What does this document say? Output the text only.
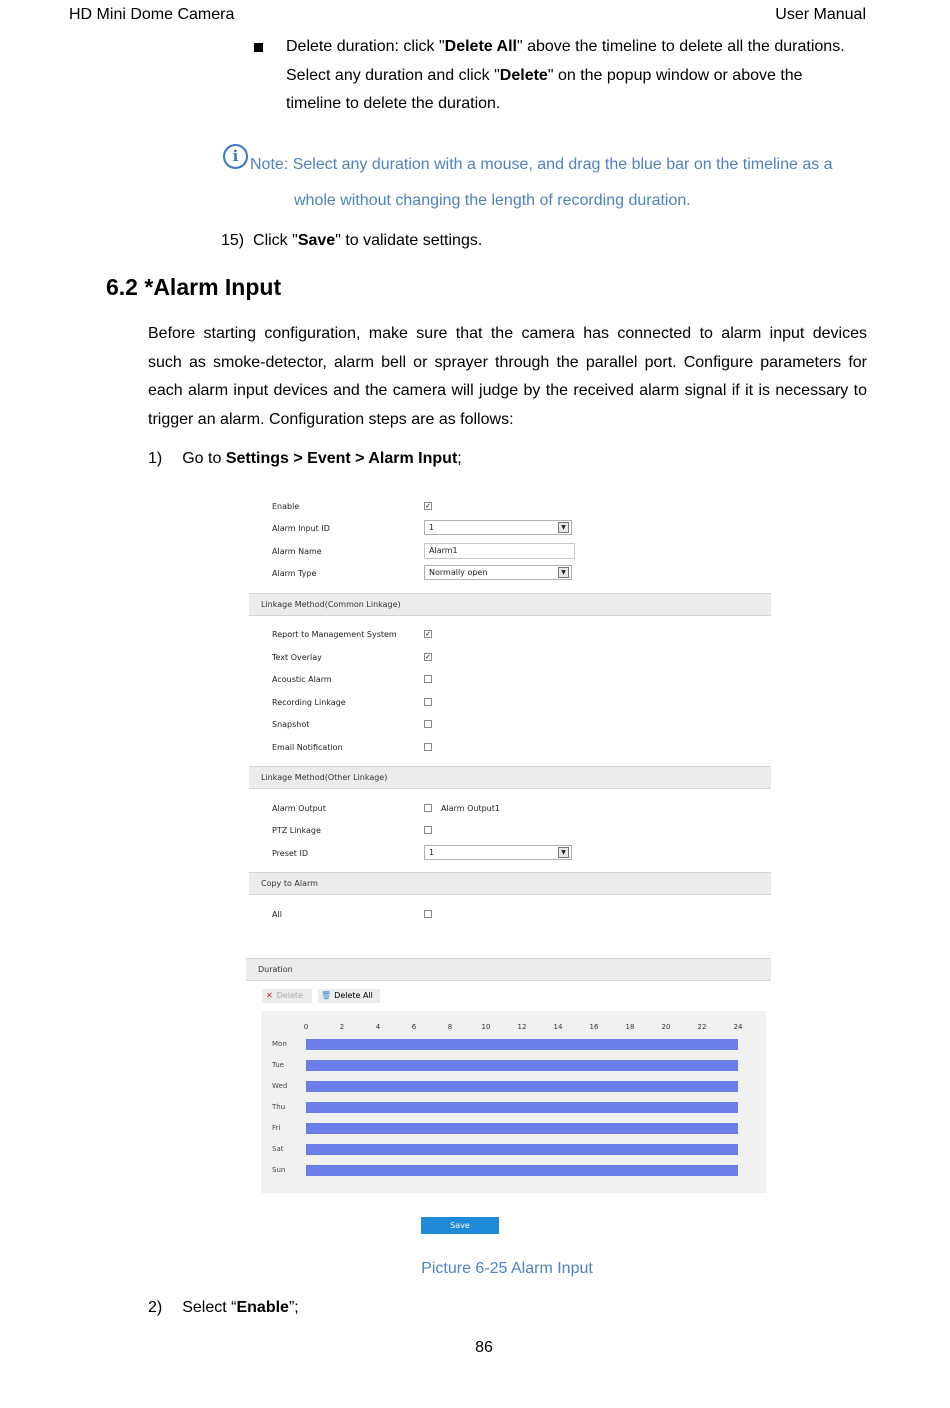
HD Mini Dome Camera	User Manual
Delete duration: click "Delete All" above the timeline to delete all the durations.
Select any duration and click "Delete" on the popup window or above the
timeline to delete the duration.
i Note: Select any duration with a mouse, and drag the blue bar on the timeline as a
whole without changing the length of recording duration.
15) Click "Save" to validate settings.
6.2 *Alarm Input
Before starting configuration, make sure that the camera has connected to alarm input devices
such as smoke-detector, alarm bell or sprayer through the parallel port. Configure parameters for
each alarm input devices and the camera will judge by the received alarm signal if it is necessary to
trigger an alarm. Configuration steps are as follows:
1) Go to Settings > Event > Alarm Input;
Enable	✓
Alarm Input ID	1	▼
Alarm Name	Alarm1
Alarm Type	Normally open	▼
Linkage Method(Common Linkage)
Report to Management System	✓
Text Overlay	✓
Acoustic Alarm
Recording Linkage
Snapshot
Email Notification
Linkage Method(Other Linkage)
Alarm Output	Alarm Output1
PTZ Linkage
Preset ID	1	▼
Copy to Alarm
All
Duration
✕ Delete	🗑 Delete All
0	2	4	6	8	10	12	14	16	18	20	22	24
Mon
Tue
Wed
Thu
Fri
Sat
Sun
Save
Picture 6-25 Alarm Input
2) Select “Enable”;
86
